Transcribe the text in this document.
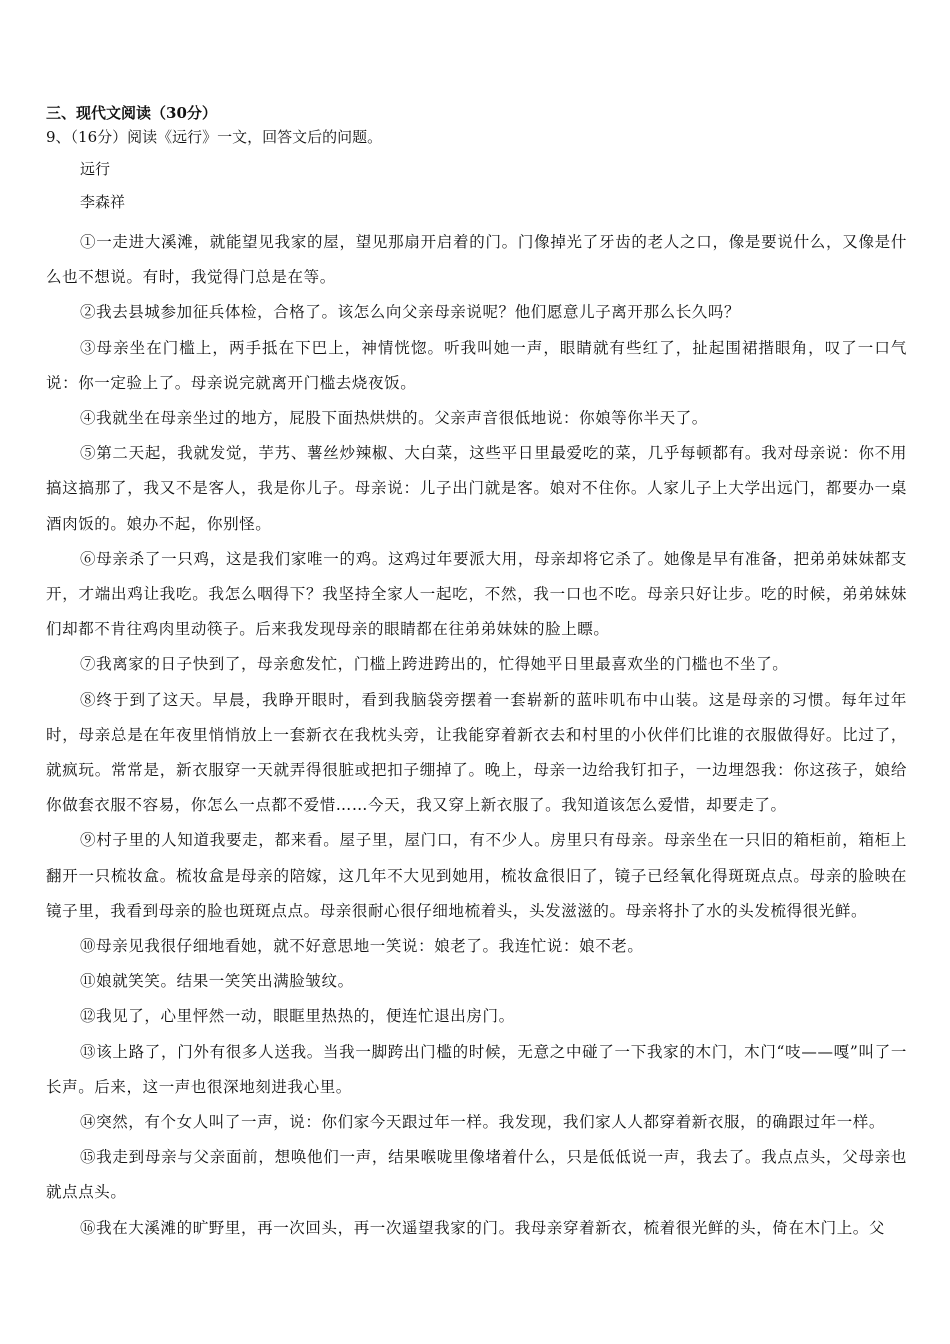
三、现代文阅读（30分）
9、（16分）阅读《远行》一文，回答文后的问题。
远行
李森祥

①一走进大溪滩，就能望见我家的屋，望见那扇开启着的门。门像掉光了牙齿的老人之口，像是要说什么，又像是什么也不想说。有时，我觉得门总是在等。

②我去县城参加征兵体检，合格了。该怎么向父亲母亲说呢？他们愿意儿子离开那么长久吗？

③母亲坐在门槛上，两手抵在下巴上，神情恍惚。听我叫她一声，眼睛就有些红了，扯起围裙揩眼角，叹了一口气说：你一定验上了。母亲说完就离开门槛去烧夜饭。

④我就坐在母亲坐过的地方，屁股下面热烘烘的。父亲声音很低地说：你娘等你半天了。

⑤第二天起，我就发觉，芋艿、薯丝炒辣椒、大白菜，这些平日里最爱吃的菜，几乎每顿都有。我对母亲说：你不用搞这搞那了，我又不是客人，我是你儿子。母亲说：儿子出门就是客。娘对不住你。人家儿子上大学出远门，都要办一桌酒肉饭的。娘办不起，你别怪。

⑥母亲杀了一只鸡，这是我们家唯一的鸡。这鸡过年要派大用，母亲却将它杀了。她像是早有准备，把弟弟妹妹都支开，才端出鸡让我吃。我怎么咽得下？我坚持全家人一起吃，不然，我一口也不吃。母亲只好让步。吃的时候，弟弟妹妹们却都不肯往鸡肉里动筷子。后来我发现母亲的眼睛都在往弟弟妹妹的脸上瞟。

⑦我离家的日子快到了，母亲愈发忙，门槛上跨进跨出的，忙得她平日里最喜欢坐的门槛也不坐了。

⑧终于到了这天。早晨，我睁开眼时，看到我脑袋旁摆着一套崭新的蓝咔叽布中山装。这是母亲的习惯。每年过年时，母亲总是在年夜里悄悄放上一套新衣在我枕头旁，让我能穿着新衣去和村里的小伙伴们比谁的衣服做得好。比过了，就疯玩。常常是，新衣服穿一天就弄得很脏或把扣子绷掉了。晚上，母亲一边给我钉扣子，一边埋怨我：你这孩子，娘给你做套衣服不容易，你怎么一点都不爱惜……今天，我又穿上新衣服了。我知道该怎么爱惜，却要走了。

⑨村子里的人知道我要走，都来看。屋子里，屋门口，有不少人。房里只有母亲。母亲坐在一只旧的箱柜前，箱柜上翻开一只梳妆盒。梳妆盒是母亲的陪嫁，这几年不大见到她用，梳妆盒很旧了，镜子已经氧化得斑斑点点。母亲的脸映在镜子里，我看到母亲的脸也斑斑点点。母亲很耐心很仔细地梳着头，头发滋滋的。母亲将扑了水的头发梳得很光鲜。

⑩母亲见我很仔细地看她，就不好意思地一笑说：娘老了。我连忙说：娘不老。

⑪娘就笑笑。结果一笑笑出满脸皱纹。

⑫我见了，心里怦然一动，眼眶里热热的，便连忙退出房门。

⑬该上路了，门外有很多人送我。当我一脚跨出门槛的时候，无意之中碰了一下我家的木门，木门“吱——嘎”叫了一长声。后来，这一声也很深地刻进我心里。

⑭突然，有个女人叫了一声，说：你们家今天跟过年一样。我发现，我们家人人都穿着新衣服，的确跟过年一样。

⑮我走到母亲与父亲面前，想唤他们一声，结果喉咙里像堵着什么，只是低低说一声，我去了。我点点头，父母亲也就点点头。

⑯我在大溪滩的旷野里，再一次回头，再一次遥望我家的门。我母亲穿着新衣，梳着很光鲜的头，倚在木门上。父
